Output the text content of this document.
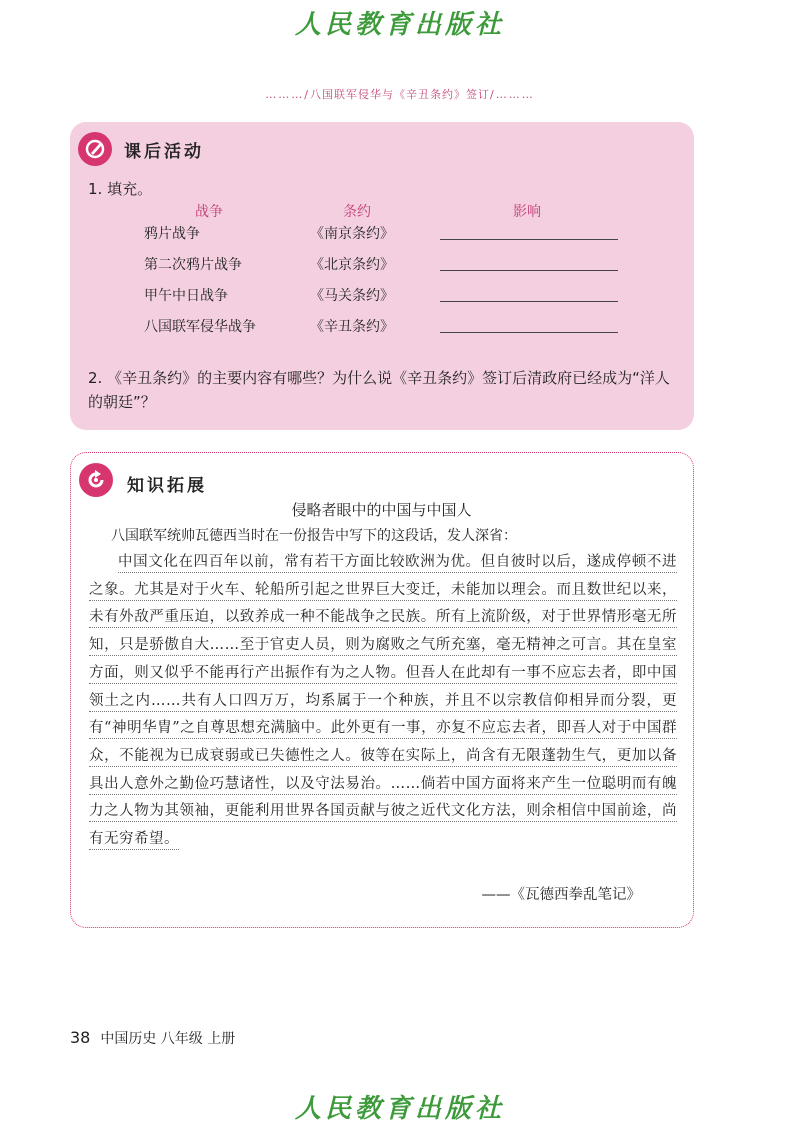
人民教育出版社
………/八国联军侵华与《辛丑条约》签订/………
课后活动
1. 填充。
战争	条约	影响
鸦片战争	《南京条约》
第二次鸦片战争	《北京条约》
甲午中日战争	《马关条约》
八国联军侵华战争	《辛丑条约》
2. 《辛丑条约》的主要内容有哪些？为什么说《辛丑条约》签订后清政府已经成为“洋人的朝廷”？
知识拓展
侵略者眼中的中国与中国人
八国联军统帅瓦德西当时在一份报告中写下的这段话，发人深省：
中国文化在四百年以前，常有若干方面比较欧洲为优。但自彼时以后，遂成停顿不进之象。尤其是对于火车、轮船所引起之世界巨大变迁，未能加以理会。而且数世纪以来，未有外敌严重压迫，以致养成一种不能战争之民族。所有上流阶级，对于世界情形毫无所知，只是骄傲自大……至于官吏人员，则为腐败之气所充塞，毫无精神之可言。其在皇室方面，则又似乎不能再行产出振作有为之人物。但吾人在此却有一事不应忘去者，即中国领土之内……共有人口四万万，均系属于一个种族，并且不以宗教信仰相异而分裂，更有“神明华胄”之自尊思想充满脑中。此外更有一事，亦复不应忘去者，即吾人对于中国群众，不能视为已成衰弱或已失德性之人。彼等在实际上，尚含有无限蓬勃生气，更加以备具出人意外之勤俭巧慧诸性，以及守法易治。……倘若中国方面将来产生一位聪明而有魄力之人物为其领袖，更能利用世界各国贡献与彼之近代文化方法，则余相信中国前途，尚有无穷希望。
——《瓦德西拳乱笔记》
38 中国历史 八年级 上册
人民教育出版社
